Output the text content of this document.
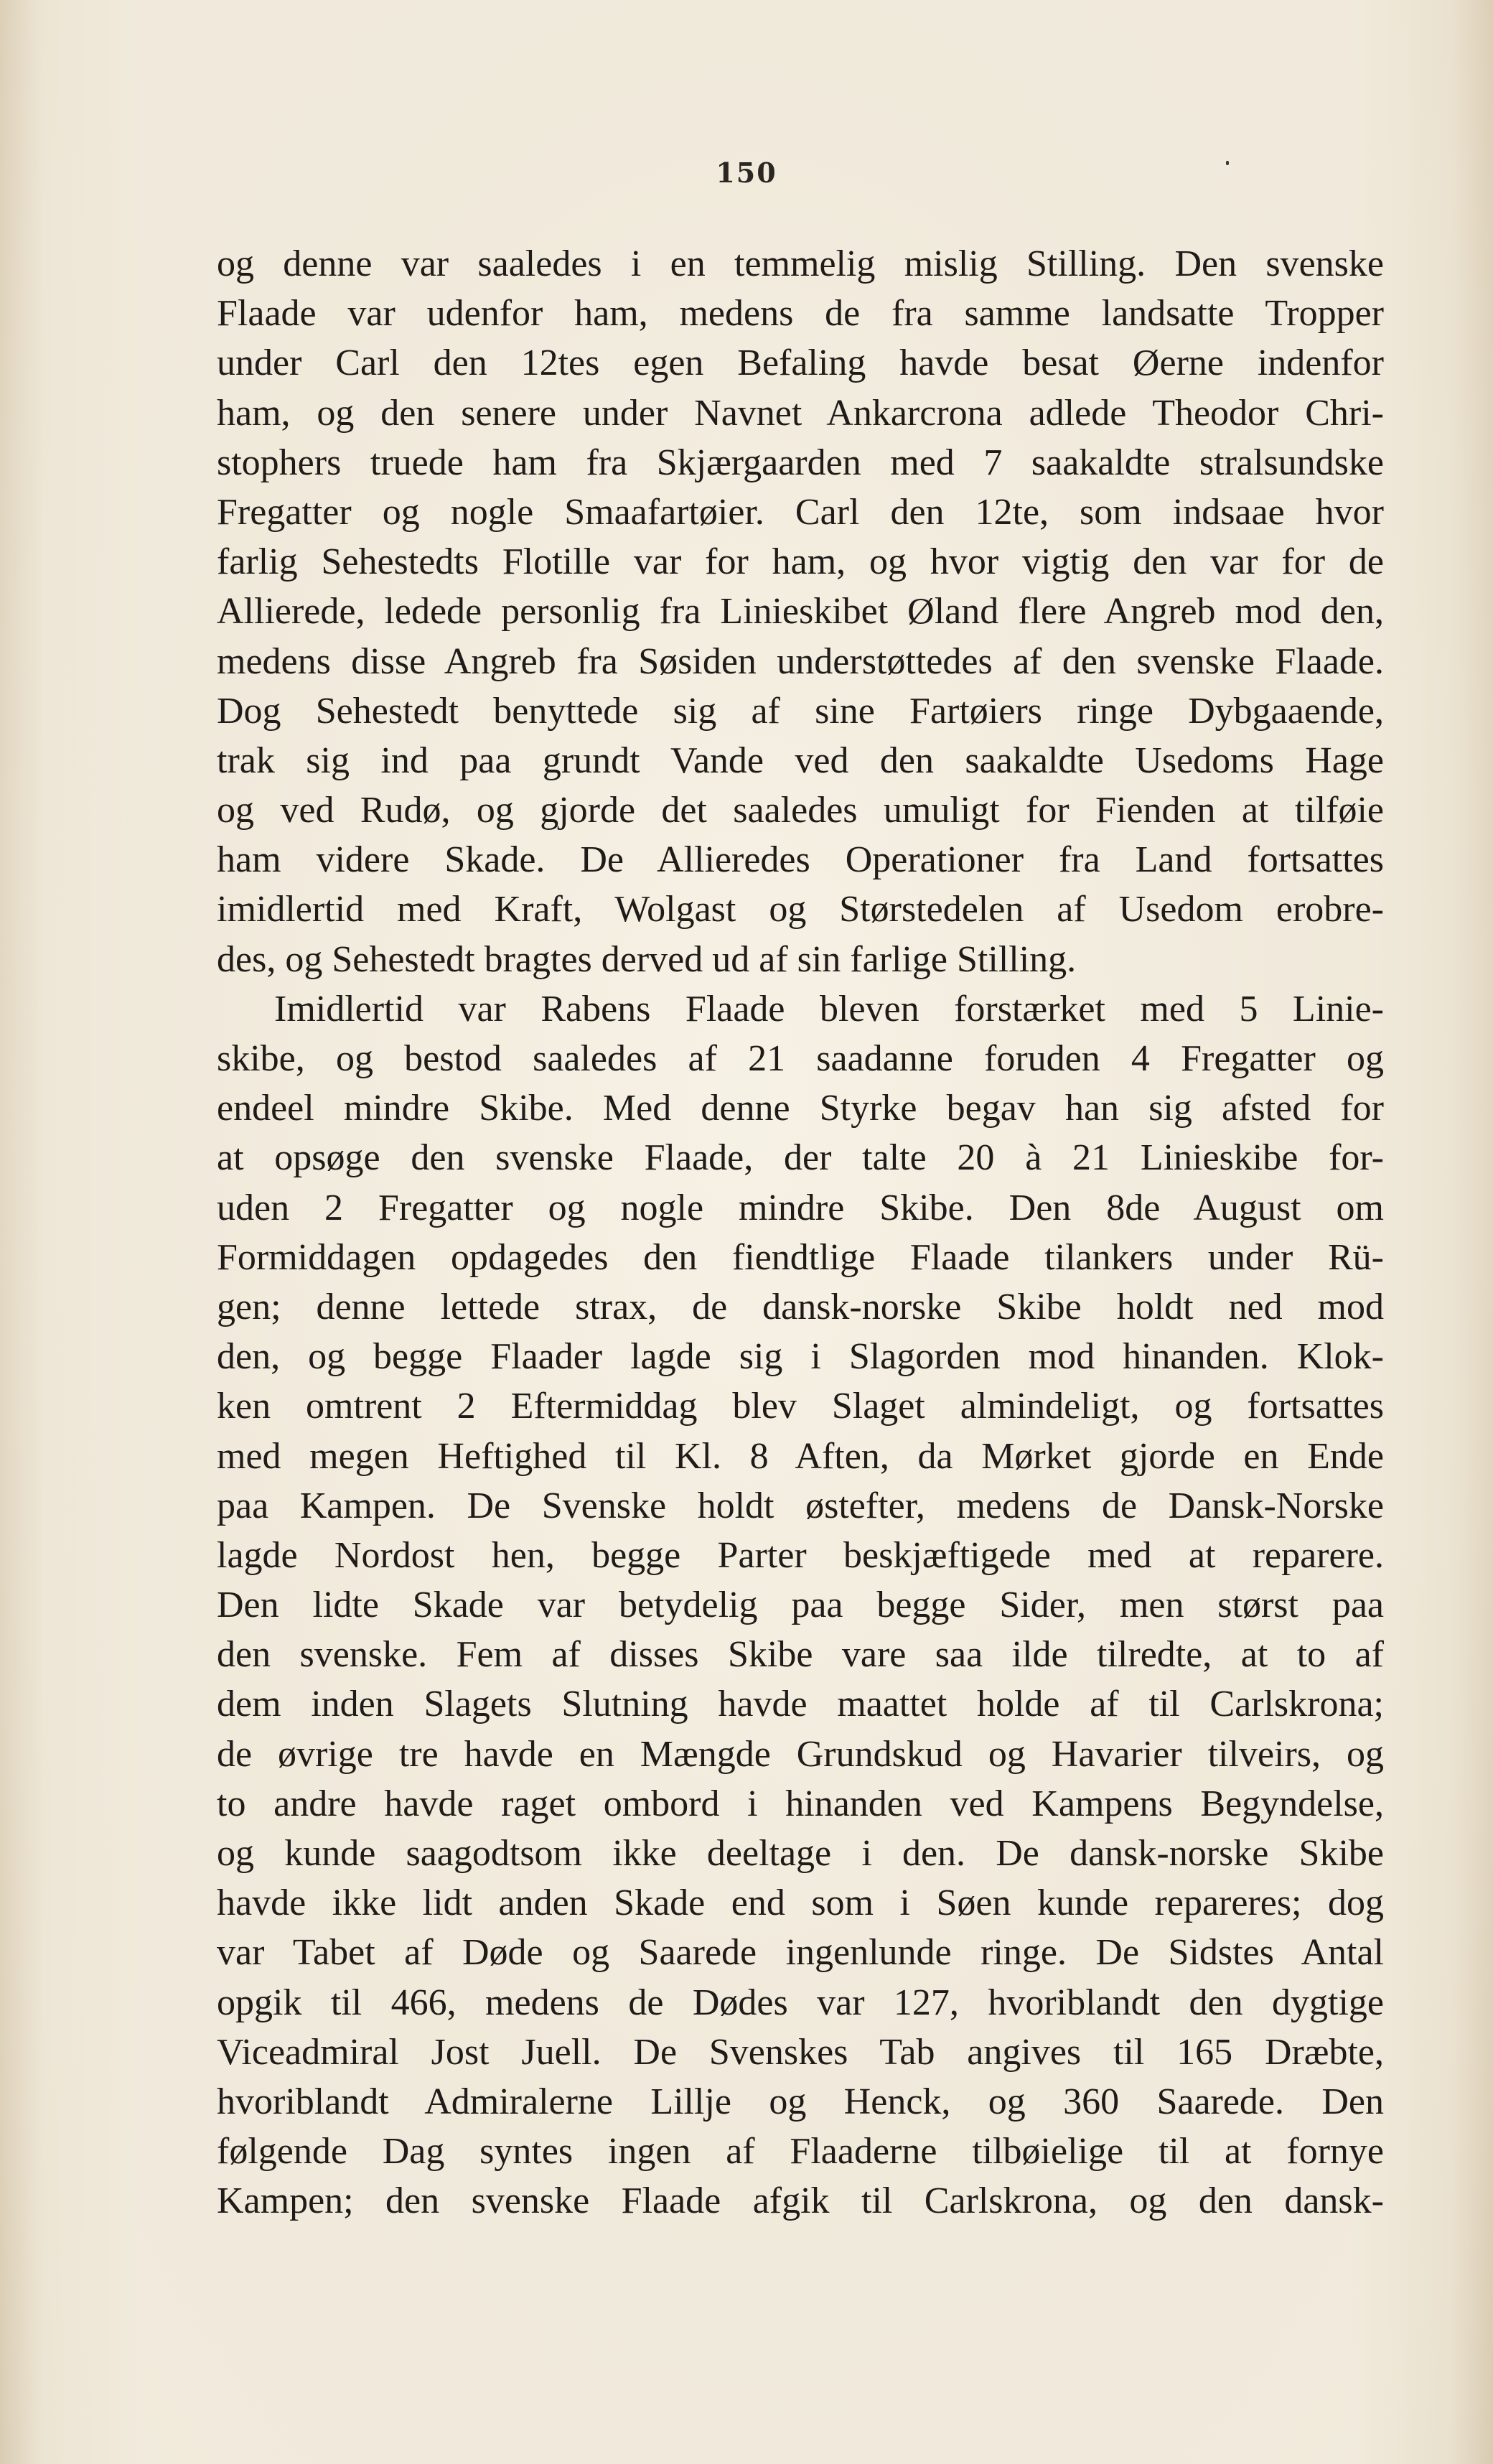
150
og denne var saaledes i en temmelig mislig Stilling. Den svenske
Flaade var udenfor ham, medens de fra samme landsatte Tropper
under Carl den 12tes egen Befaling havde besat Øerne indenfor
ham, og den senere under Navnet Ankarcrona adlede Theodor Chri-
stophers truede ham fra Skjærgaarden med 7 saakaldte stralsundske
Fregatter og nogle Smaafartøier. Carl den 12te, som indsaae hvor
farlig Sehestedts Flotille var for ham, og hvor vigtig den var for de
Allierede, ledede personlig fra Linieskibet Øland flere Angreb mod den,
medens disse Angreb fra Søsiden understøttedes af den svenske Flaade.
Dog Sehestedt benyttede sig af sine Fartøiers ringe Dybgaaende,
trak sig ind paa grundt Vande ved den saakaldte Usedoms Hage
og ved Rudø, og gjorde det saaledes umuligt for Fienden at tilføie
ham videre Skade. De Allieredes Operationer fra Land fortsattes
imidlertid med Kraft, Wolgast og Størstedelen af Usedom erobre-
des, og Sehestedt bragtes derved ud af sin farlige Stilling.
Imidlertid var Rabens Flaade bleven forstærket med 5 Linie-
skibe, og bestod saaledes af 21 saadanne foruden 4 Fregatter og
endeel mindre Skibe. Med denne Styrke begav han sig afsted for
at opsøge den svenske Flaade, der talte 20 à 21 Linieskibe for-
uden 2 Fregatter og nogle mindre Skibe. Den 8de August om
Formiddagen opdagedes den fiendtlige Flaade tilankers under Rü-
gen; denne lettede strax, de dansk-norske Skibe holdt ned mod
den, og begge Flaader lagde sig i Slagorden mod hinanden. Klok-
ken omtrent 2 Eftermiddag blev Slaget almindeligt, og fortsattes
med megen Heftighed til Kl. 8 Aften, da Mørket gjorde en Ende
paa Kampen. De Svenske holdt østefter, medens de Dansk-Norske
lagde Nordost hen, begge Parter beskjæftigede med at reparere.
Den lidte Skade var betydelig paa begge Sider, men størst paa
den svenske. Fem af disses Skibe vare saa ilde tilredte, at to af
dem inden Slagets Slutning havde maattet holde af til Carlskrona;
de øvrige tre havde en Mængde Grundskud og Havarier tilveirs, og
to andre havde raget ombord i hinanden ved Kampens Begyndelse,
og kunde saagodtsom ikke deeltage i den. De dansk-norske Skibe
havde ikke lidt anden Skade end som i Søen kunde repareres; dog
var Tabet af Døde og Saarede ingenlunde ringe. De Sidstes Antal
opgik til 466, medens de Dødes var 127, hvoriblandt den dygtige
Viceadmiral Jost Juell. De Svenskes Tab angives til 165 Dræbte,
hvoriblandt Admiralerne Lillje og Henck, og 360 Saarede. Den
følgende Dag syntes ingen af Flaaderne tilbøielige til at fornye
Kampen; den svenske Flaade afgik til Carlskrona, og den dansk-
